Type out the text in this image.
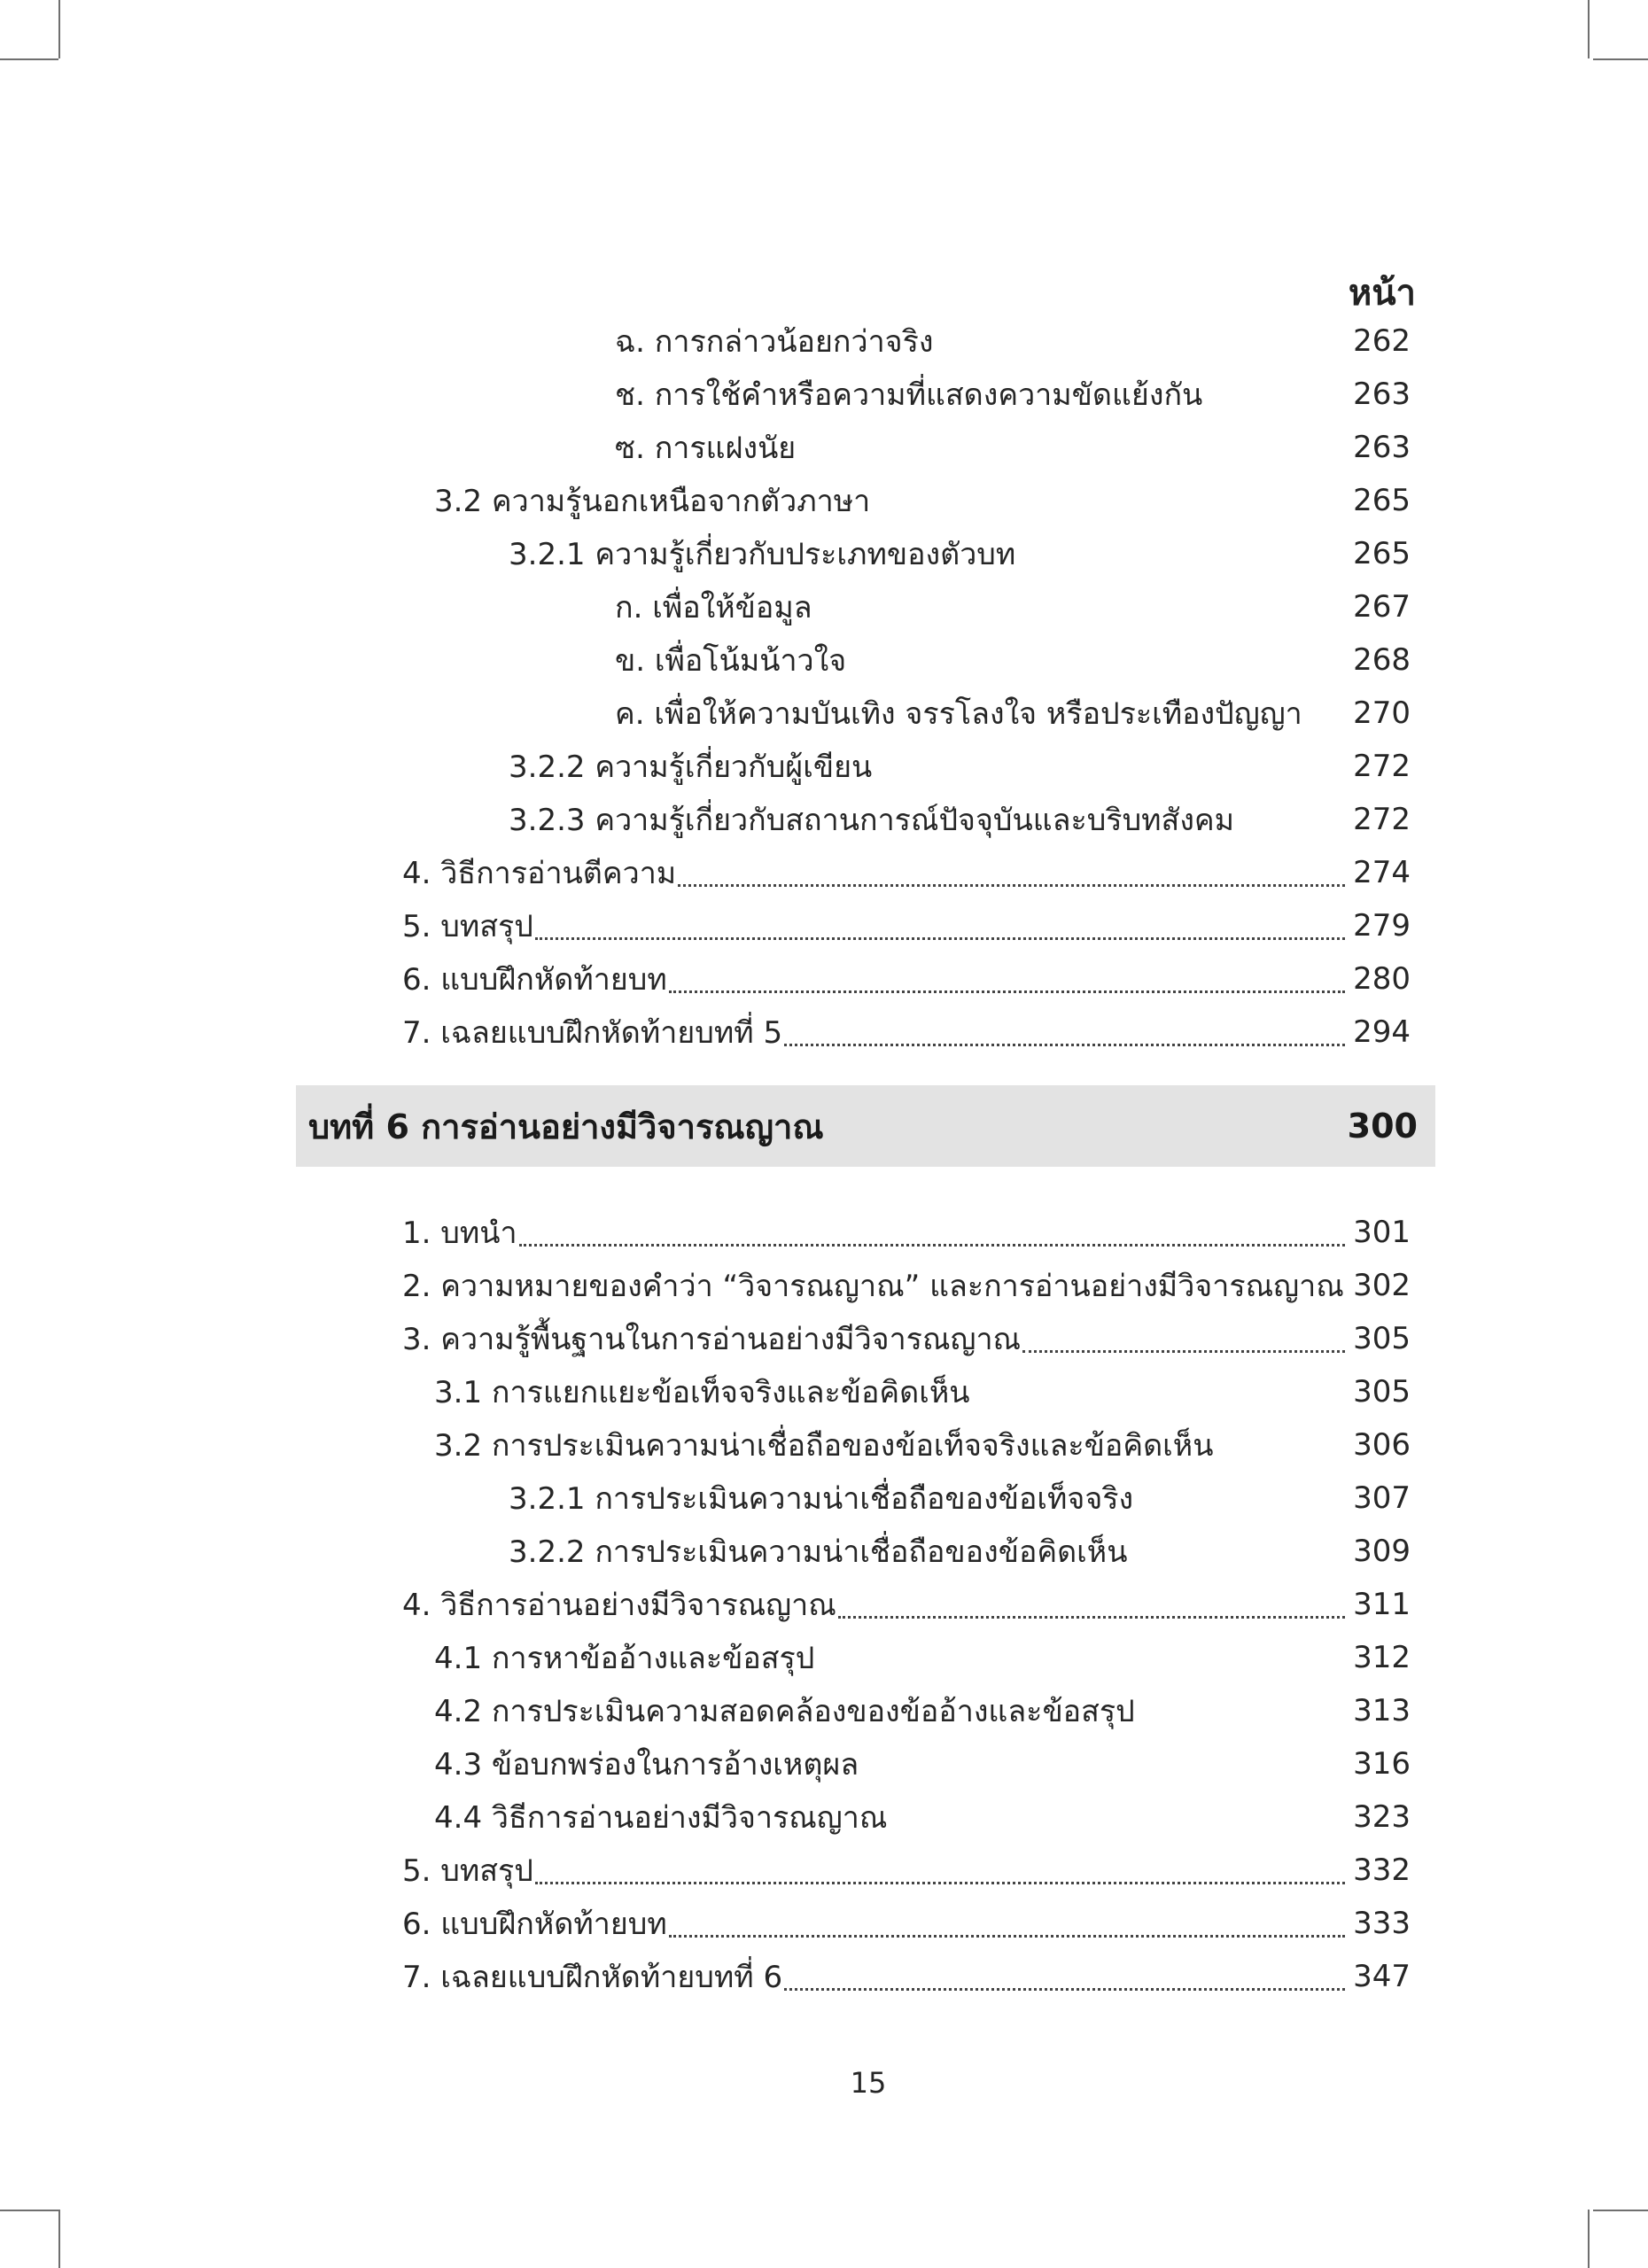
หน้า
ฉ. การกล่าวน้อยกว่าจริง	262
ช. การใช้คำหรือความที่แสดงความขัดแย้งกัน	263
ซ. การแฝงนัย	263
3.2 ความรู้นอกเหนือจากตัวภาษา	265
3.2.1 ความรู้เกี่ยวกับประเภทของตัวบท	265
ก. เพื่อให้ข้อมูล	267
ข. เพื่อโน้มน้าวใจ	268
ค. เพื่อให้ความบันเทิง จรรโลงใจ หรือประเทืองปัญญา 270
3.2.2 ความรู้เกี่ยวกับผู้เขียน	272
3.2.3 ความรู้เกี่ยวกับสถานการณ์ปัจจุบันและบริบทสังคม	272
4. วิธีการอ่านตีความ	274
5. บทสรุป	279
6. แบบฝึกหัดท้ายบท	280
7. เฉลยแบบฝึกหัดท้ายบทที่ 5	294
บทที่ 6 การอ่านอย่างมีวิจารณญาณ	300
1. บทนำ	301
2. ความหมายของคำว่า “วิจารณญาณ” และการอ่านอย่างมีวิจารณญาณ 302
3. ความรู้พื้นฐานในการอ่านอย่างมีวิจารณญาณ	305
3.1 การแยกแยะข้อเท็จจริงและข้อคิดเห็น	305
3.2 การประเมินความน่าเชื่อถือของข้อเท็จจริงและข้อคิดเห็น	306
3.2.1 การประเมินความน่าเชื่อถือของข้อเท็จจริง	307
3.2.2 การประเมินความน่าเชื่อถือของข้อคิดเห็น	309
4. วิธีการอ่านอย่างมีวิจารณญาณ	311
4.1 การหาข้ออ้างและข้อสรุป	312
4.2 การประเมินความสอดคล้องของข้ออ้างและข้อสรุป	313
4.3 ข้อบกพร่องในการอ้างเหตุผล	316
4.4 วิธีการอ่านอย่างมีวิจารณญาณ	323
5. บทสรุป	332
6. แบบฝึกหัดท้ายบท	333
7. เฉลยแบบฝึกหัดท้ายบทที่ 6	347
15
